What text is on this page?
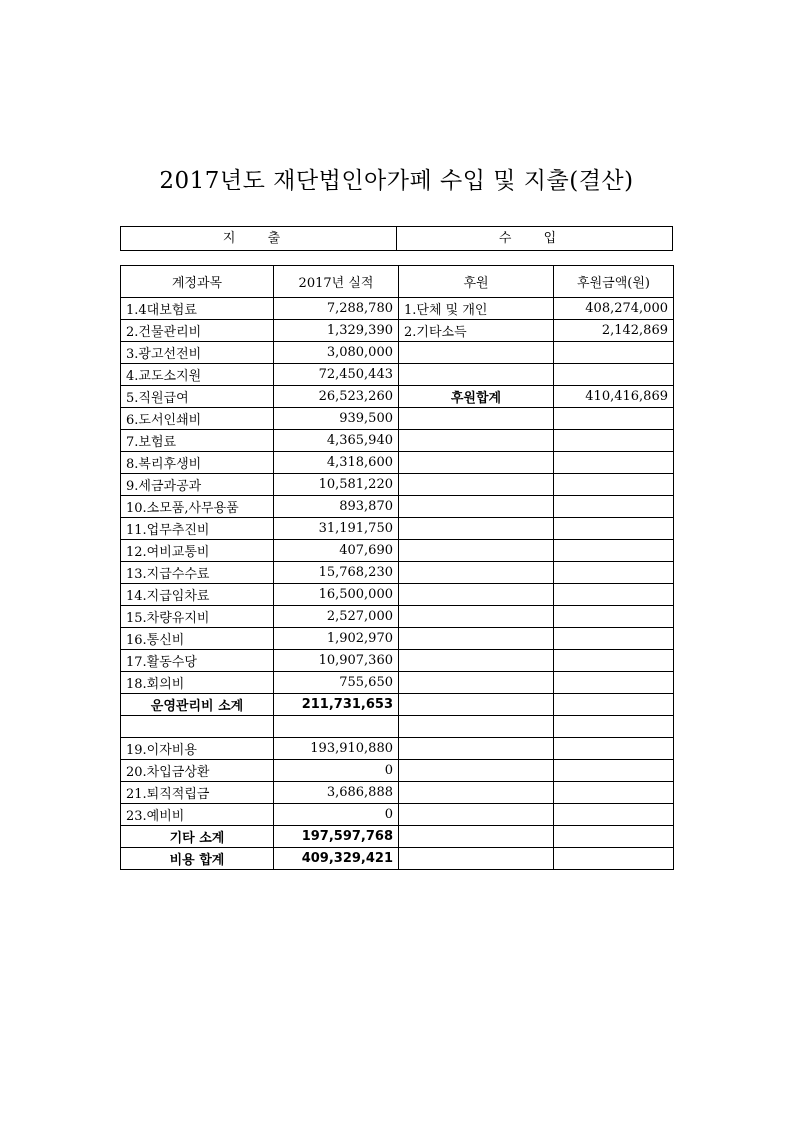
2017년도 재단법인아가페 수입 및 지출(결산)
지 출	수 입
계정과목	2017년 실적	후원	후원금액(원)
1.4대보험료	7,288,780	1.단체 및 개인	408,274,000
2.건물관리비	1,329,390	2.기타소득	2,142,869
3.광고선전비	3,080,000		
4.교도소지원	72,450,443		
5.직원급여	26,523,260	후원합계	410,416,869
6.도서인쇄비	939,500		
7.보험료	4,365,940		
8.복리후생비	4,318,600		
9.세금과공과	10,581,220		
10.소모품,사무용품	893,870		
11.업무추진비	31,191,750		
12.여비교통비	407,690		
13.지급수수료	15,768,230		
14.지급임차료	16,500,000		
15.차량유지비	2,527,000		
16.통신비	1,902,970		
17.활동수당	10,907,360		
18.회의비	755,650		
운영관리비 소계	211,731,653		

19.이자비용	193,910,880		
20.차입금상환	0		
21.퇴직적립금	3,686,888		
23.예비비	0		
기타 소계	197,597,768		
비용 합계	409,329,421		
